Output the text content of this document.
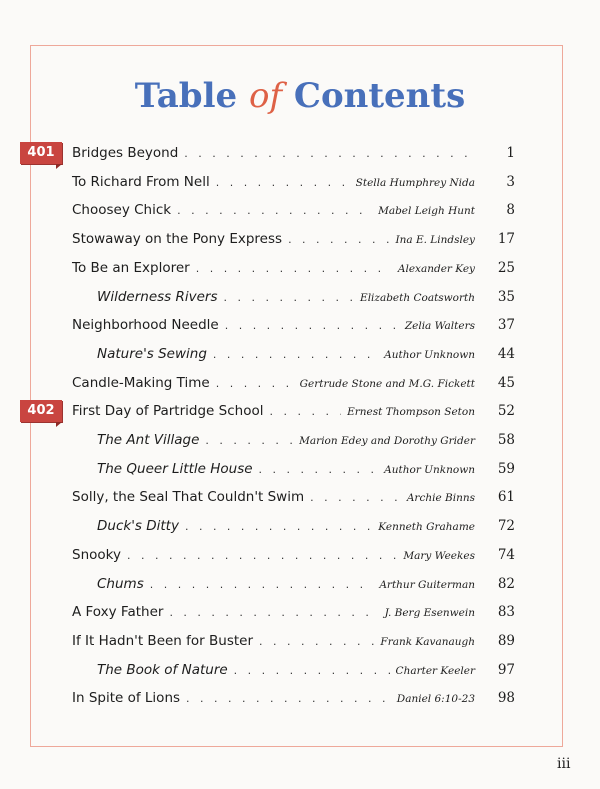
Table of Contents
401
402
Bridges Beyond . . .	1
To Richard From Nell . . .	Stella Humphrey Nida	3
Choosey Chick . . .	Mabel Leigh Hunt	8
Stowaway on the Pony Express . . .	Ina E. Lindsley	17
To Be an Explorer . . .	Alexander Key	25
Wilderness Rivers . . .	Elizabeth Coatsworth	35
Neighborhood Needle . . .	Zelia Walters	37
Nature's Sewing . . .	Author Unknown	44
Candle-Making Time . . .	Gertrude Stone and M.G. Fickett	45
First Day of Partridge School . . .	Ernest Thompson Seton	52
The Ant Village . . .	Marion Edey and Dorothy Grider	58
The Queer Little House . . .	Author Unknown	59
Solly, the Seal That Couldn't Swim . . .	Archie Binns	61
Duck's Ditty . . .	Kenneth Grahame	72
Snooky . . .	Mary Weekes	74
Chums . . .	Arthur Guiterman	82
A Foxy Father . . .	J. Berg Esenwein	83
If It Hadn't Been for Buster . . .	Frank Kavanaugh	89
The Book of Nature . . .	Charter Keeler	97
In Spite of Lions . . .	Daniel 6:10-23	98
iii
